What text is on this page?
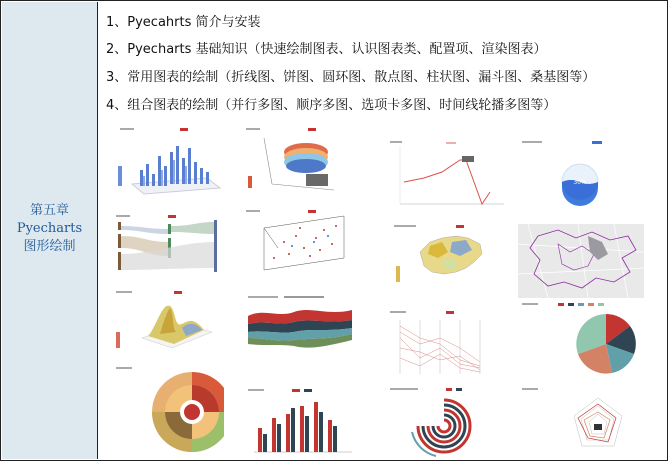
第五章
Pyecharts
图形绘制
1、Pyecahrts 简介与安装
2、Pyecharts 基础知识（快速绘制图表、认识图表类、配置项、渲染图表）
3、常用图表的绘制（折线图、饼图、圆环图、散点图、柱状图、漏斗图、桑基图等）
4、组合图表的绘制（并行多图、顺序多图、选项卡多图、时间线轮播多图等）
30%
